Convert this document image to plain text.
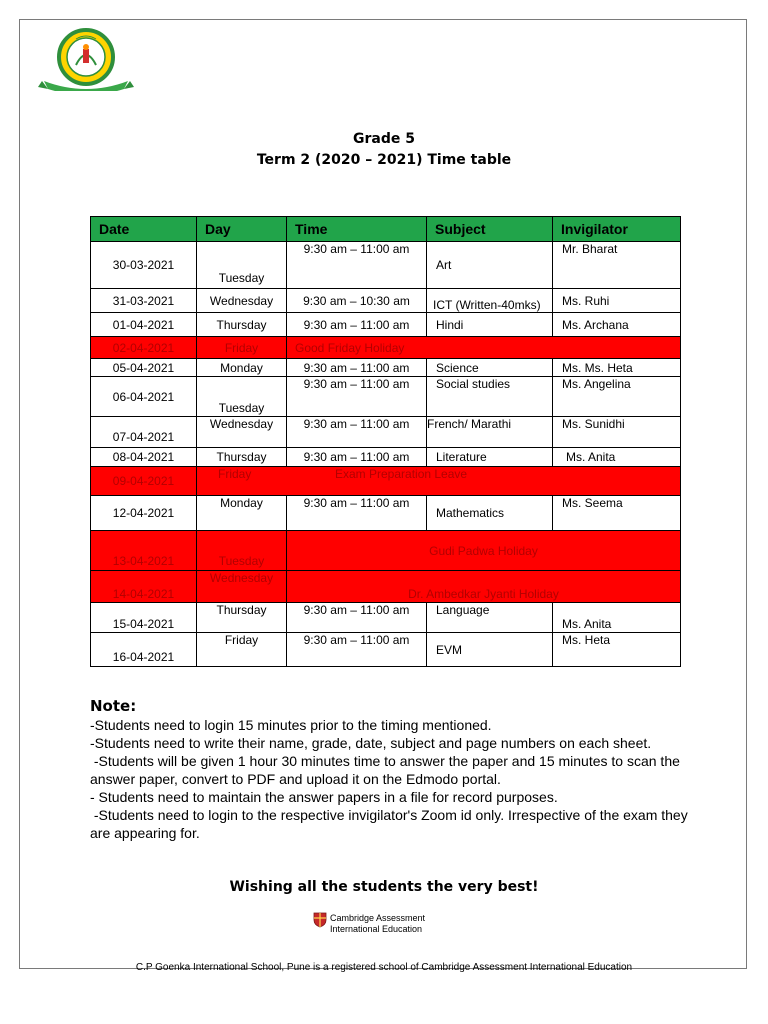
Grade 5
Term 2 (2020 – 2021) Time table
Date	Day	Time	Subject	Invigilator
30-03-2021	Tuesday	9:30 am – 11:00 am	Art	Mr. Bharat
31-03-2021	Wednesday	9:30 am – 10:30 am	ICT (Written-40mks)	Ms. Ruhi
01-04-2021	Thursday	9:30 am – 11:00 am	Hindi	Ms. Archana
02-04-2021	Friday	Good Friday Holiday		
05-04-2021	Monday	9:30 am – 11:00 am	Science	Ms. Ms. Heta
06-04-2021	Tuesday	9:30 am – 11:00 am	Social studies	Ms. Angelina
07-04-2021	Wednesday	9:30 am – 11:00 am	French/ Marathi	Ms. Sunidhi
08-04-2021	Thursday	9:30 am – 11:00 am	Literature	Ms. Anita
09-04-2021	Friday Exam Preparation Leave			

12-04-2021	Monday	9:30 am – 11:00 am	Mathematics	Ms. Seema
13-04-2021	Tuesday	Gudi Padwa Holiday		
14-04-2021	Wednesday	Dr. Ambedkar Jyanti Holiday		
15-04-2021	Thursday	9:30 am – 11:00 am	Language	Ms. Anita
16-04-2021	Friday	9:30 am – 11:00 am	EVM	Ms. Heta
Note:
-Students need to login 15 minutes prior to the timing mentioned.
-Students need to write their name, grade, date, subject and page numbers on each sheet.
-Students will be given 1 hour 30 minutes time to answer the paper and 15 minutes to scan the answer paper, convert to PDF and upload it on the Edmodo portal.
- Students need to maintain the answer papers in a file for record purposes.
-Students need to login to the respective invigilator's Zoom id only. Irrespective of the exam they are appearing for.
Wishing all the students the very best!
Cambridge Assessment
International Education
C.P Goenka International School, Pune is a registered school of Cambridge Assessment International Education
